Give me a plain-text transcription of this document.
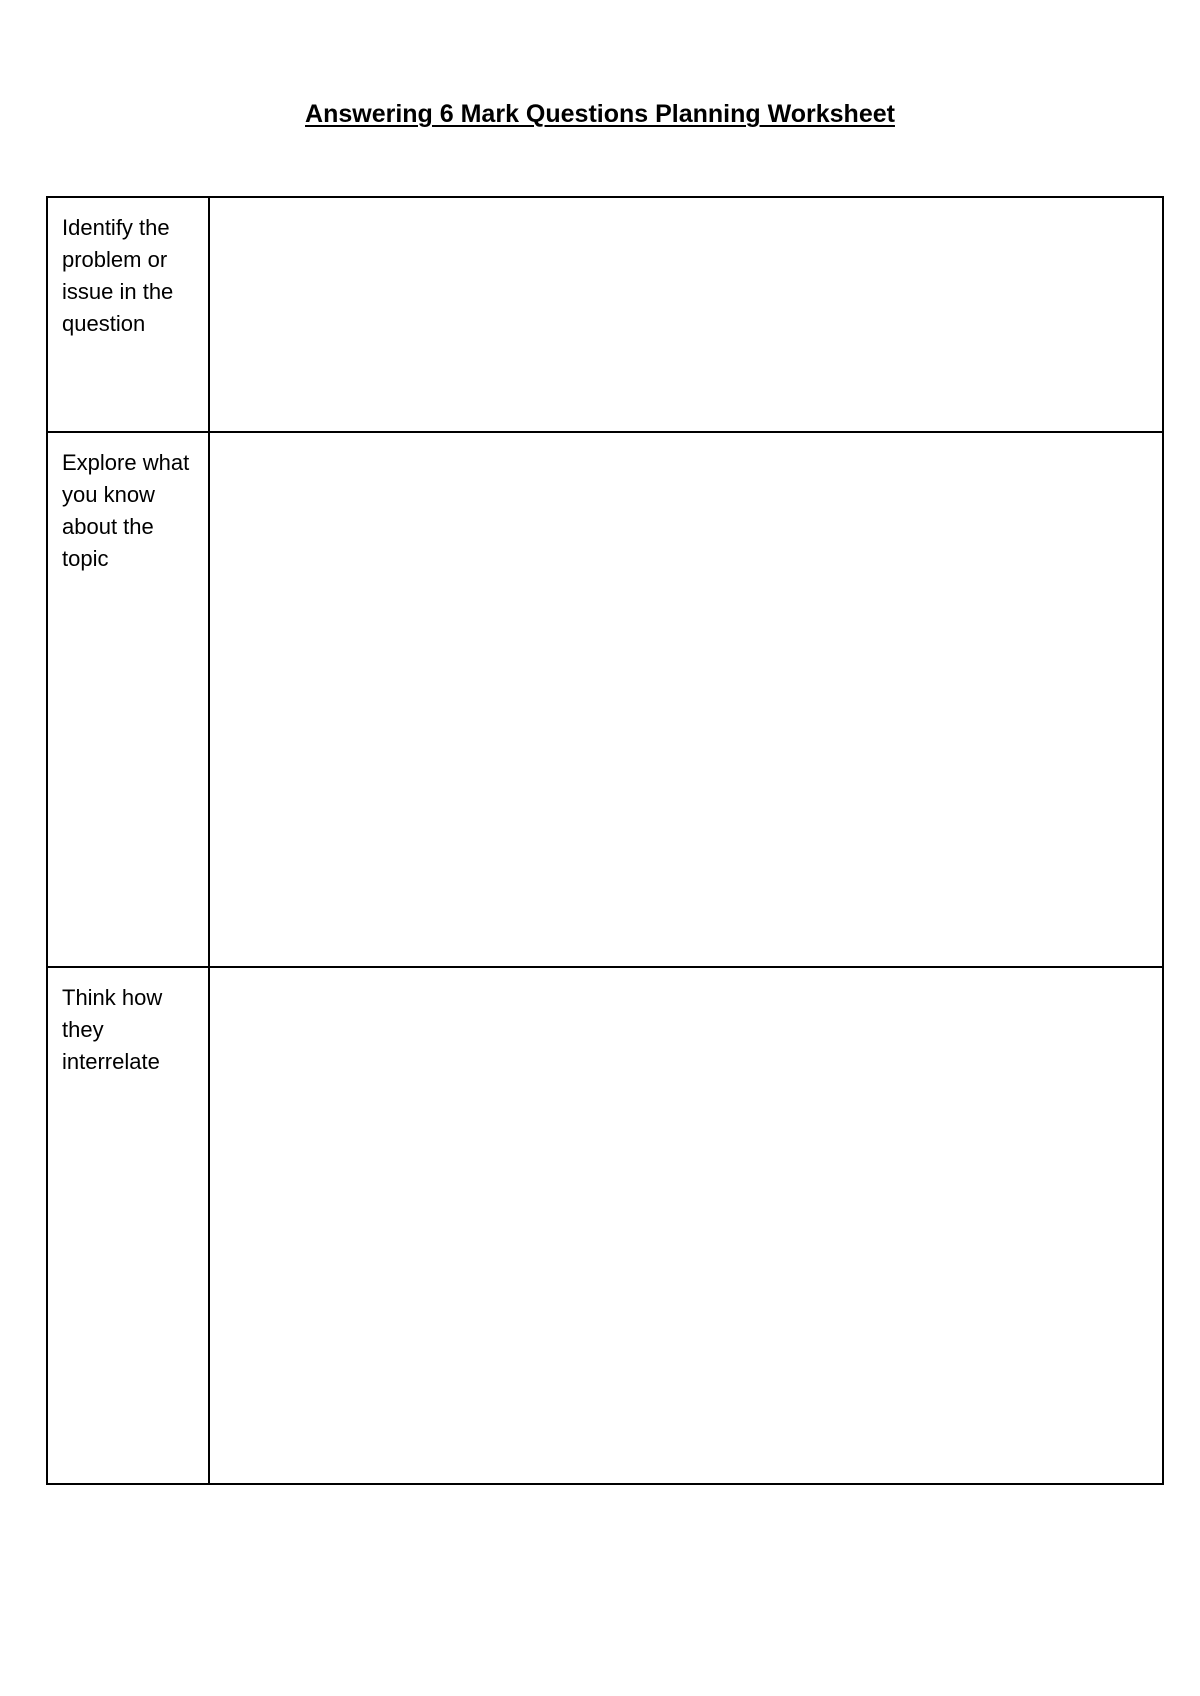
Answering 6 Mark Questions Planning Worksheet
Identify the problem or issue in the question	

Explore what you know about the topic	

Think how they interrelate	
